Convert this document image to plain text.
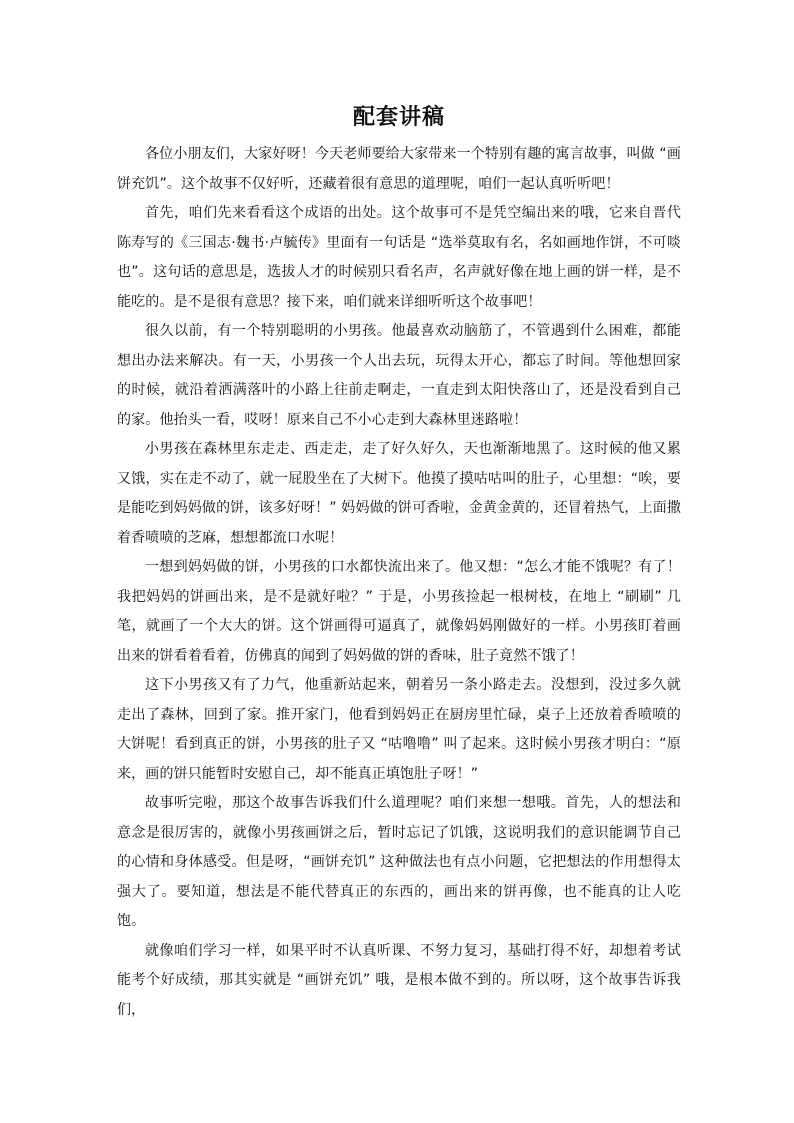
配套讲稿

各位小朋友们，大家好呀！今天老师要给大家带来一个特别有趣的寓言故事，叫做 “画饼充饥”。这个故事不仅好听，还藏着很有意思的道理呢，咱们一起认真听听吧！

首先，咱们先来看看这个成语的出处。这个故事可不是凭空编出来的哦，它来自晋代陈寿写的《三国志·魏书·卢毓传》里面有一句话是 “选举莫取有名，名如画地作饼，不可啖也”。这句话的意思是，选拔人才的时候别只看名声，名声就好像在地上画的饼一样，是不能吃的。是不是很有意思？接下来，咱们就来详细听听这个故事吧！

很久以前，有一个特别聪明的小男孩。他最喜欢动脑筋了，不管遇到什么困难，都能想出办法来解决。有一天，小男孩一个人出去玩，玩得太开心，都忘了时间。等他想回家的时候，就沿着洒满落叶的小路上往前走啊走，一直走到太阳快落山了，还是没看到自己的家。他抬头一看，哎呀！原来自己不小心走到大森林里迷路啦！

小男孩在森林里东走走、西走走，走了好久好久，天也渐渐地黑了。这时候的他又累又饿，实在走不动了，就一屁股坐在了大树下。他摸了摸咕咕叫的肚子，心里想：“唉，要是能吃到妈妈做的饼，该多好呀！” 妈妈做的饼可香啦，金黄金黄的，还冒着热气，上面撒着香喷喷的芝麻，想想都流口水呢！

一想到妈妈做的饼，小男孩的口水都快流出来了。他又想：“怎么才能不饿呢？有了！我把妈妈的饼画出来，是不是就好啦？” 于是，小男孩捡起一根树枝，在地上 “刷刷” 几笔，就画了一个大大的饼。这个饼画得可逼真了，就像妈妈刚做好的一样。小男孩盯着画出来的饼看着看着，仿佛真的闻到了妈妈做的饼的香味，肚子竟然不饿了！

这下小男孩又有了力气，他重新站起来，朝着另一条小路走去。没想到，没过多久就走出了森林，回到了家。推开家门，他看到妈妈正在厨房里忙碌，桌子上还放着香喷喷的大饼呢！看到真正的饼，小男孩的肚子又 “咕噜噜” 叫了起来。这时候小男孩才明白：“原来，画的饼只能暂时安慰自己，却不能真正填饱肚子呀！”

故事听完啦，那这个故事告诉我们什么道理呢？咱们来想一想哦。首先，人的想法和意念是很厉害的，就像小男孩画饼之后，暂时忘记了饥饿，这说明我们的意识能调节自己的心情和身体感受。但是呀，“画饼充饥” 这种做法也有点小问题，它把想法的作用想得太强大了。要知道，想法是不能代替真正的东西的，画出来的饼再像，也不能真的让人吃饱。

就像咱们学习一样，如果平时不认真听课、不努力复习，基础打得不好，却想着考试能考个好成绩，那其实就是 “画饼充饥” 哦，是根本做不到的。所以呀，这个故事告诉我们，
